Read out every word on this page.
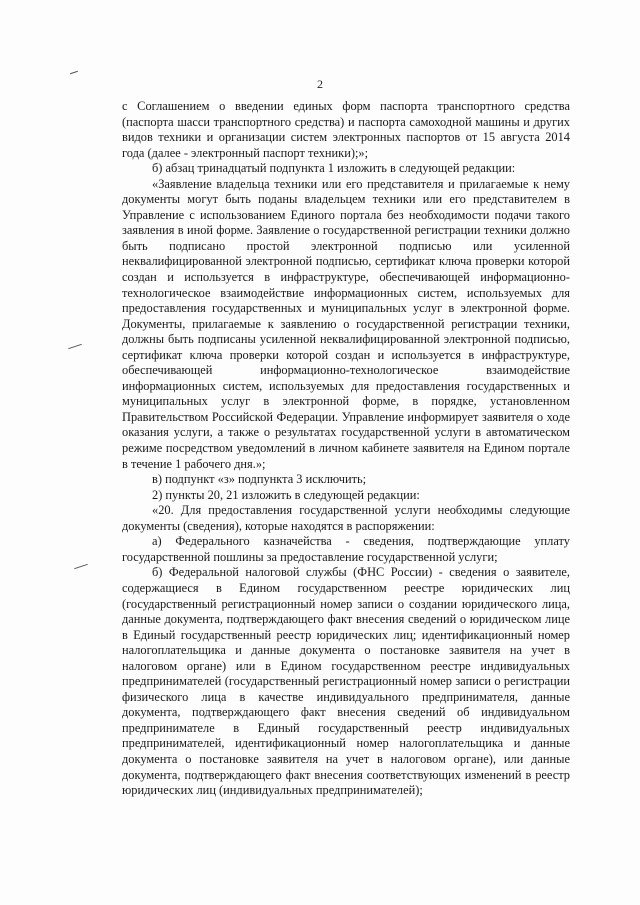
2

с Соглашением о введении единых форм паспорта транспортного средства (паспорта шасси транспортного средства) и паспорта самоходной машины и других видов техники и организации систем электронных паспортов от 15 августа 2014 года (далее - электронный паспорт техники);»;

б) абзац тринадцатый подпункта 1 изложить в следующей редакции:

«Заявление владельца техники или его представителя и прилагаемые к нему документы могут быть поданы владельцем техники или его представителем в Управление с использованием Единого портала без необходимости подачи такого заявления в иной форме. Заявление о государственной регистрации техники должно быть подписано простой электронной подписью или усиленной неквалифицированной электронной подписью, сертификат ключа проверки которой создан и используется в инфраструктуре, обеспечивающей информационно-технологическое взаимодействие информационных систем, используемых для предоставления государственных и муниципальных услуг в электронной форме. Документы, прилагаемые к заявлению о государственной регистрации техники, должны быть подписаны усиленной неквалифицированной электронной подписью, сертификат ключа проверки которой создан и используется в инфраструктуре, обеспечивающей информационно-технологическое взаимодействие информационных систем, используемых для предоставления государственных и муниципальных услуг в электронной форме, в порядке, установленном Правительством Российской Федерации. Управление информирует заявителя о ходе оказания услуги, а также о результатах государственной услуги в автоматическом режиме посредством уведомлений в личном кабинете заявителя на Едином портале в течение 1 рабочего дня.»;

в) подпункт «з» подпункта 3 исключить;

2) пункты 20, 21 изложить в следующей редакции:

«20. Для предоставления государственной услуги необходимы следующие документы (сведения), которые находятся в распоряжении:

а) Федерального казначейства - сведения, подтверждающие уплату государственной пошлины за предоставление государственной услуги;

б) Федеральной налоговой службы (ФНС России) - сведения о заявителе, содержащиеся в Едином государственном реестре юридических лиц (государственный регистрационный номер записи о создании юридического лица, данные документа, подтверждающего факт внесения сведений о юридическом лице в Единый государственный реестр юридических лиц; идентификационный номер налогоплательщика и данные документа о постановке заявителя на учет в налоговом органе) или в Едином государственном реестре индивидуальных предпринимателей (государственный регистрационный номер записи о регистрации физического лица в качестве индивидуального предпринимателя, данные документа, подтверждающего факт внесения сведений об индивидуальном предпринимателе в Единый государственный реестр индивидуальных предпринимателей, идентификационный номер налогоплательщика и данные документа о постановке заявителя на учет в налоговом органе), или данные документа, подтверждающего факт внесения соответствующих изменений в реестр юридических лиц (индивидуальных предпринимателей);
